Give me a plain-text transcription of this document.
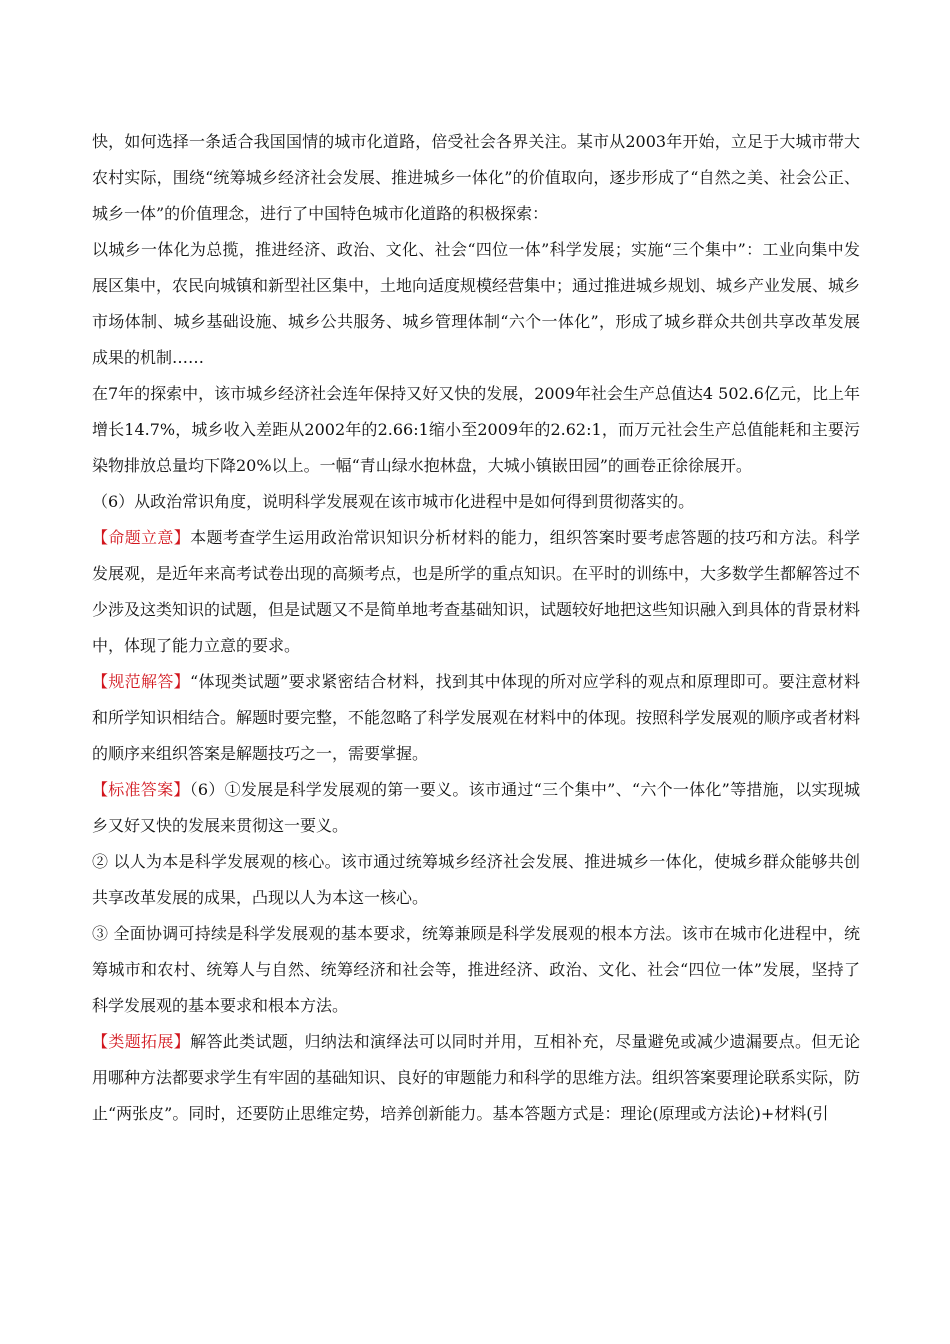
快，如何选择一条适合我国国情的城市化道路，倍受社会各界关注。某市从2003年开始，立足于大城市带大农村实际，围绕“统筹城乡经济社会发展、推进城乡一体化”的价值取向，逐步形成了“自然之美、社会公正、城乡一体”的价值理念，进行了中国特色城市化道路的积极探索：

以城乡一体化为总揽，推进经济、政治、文化、社会“四位一体”科学发展；实施“三个集中”：工业向集中发展区集中，农民向城镇和新型社区集中，土地向适度规模经营集中；通过推进城乡规划、城乡产业发展、城乡市场体制、城乡基础设施、城乡公共服务、城乡管理体制“六个一体化”，形成了城乡群众共创共享改革发展成果的机制……

在7年的探索中，该市城乡经济社会连年保持又好又快的发展，2009年社会生产总值达4 502.6亿元，比上年增长14.7%，城乡收入差距从2002年的2.66:1缩小至2009年的2.62:1，而万元社会生产总值能耗和主要污染物排放总量均下降20%以上。一幅“青山绿水抱林盘，大城小镇嵌田园”的画卷正徐徐展开。

（6）从政治常识角度，说明科学发展观在该市城市化进程中是如何得到贯彻落实的。

【命题立意】本题考查学生运用政治常识知识分析材料的能力，组织答案时要考虑答题的技巧和方法。科学发展观，是近年来高考试卷出现的高频考点，也是所学的重点知识。在平时的训练中，大多数学生都解答过不少涉及这类知识的试题，但是试题又不是简单地考查基础知识，试题较好地把这些知识融入到具体的背景材料中，体现了能力立意的要求。

【规范解答】“体现类试题”要求紧密结合材料，找到其中体现的所对应学科的观点和原理即可。要注意材料和所学知识相结合。解题时要完整，不能忽略了科学发展观在材料中的体现。按照科学发展观的顺序或者材料的顺序来组织答案是解题技巧之一，需要掌握。

【标准答案】（6）①发展是科学发展观的第一要义。该市通过“三个集中”、“六个一体化”等措施，以实现城乡又好又快的发展来贯彻这一要义。

② 以人为本是科学发展观的核心。该市通过统筹城乡经济社会发展、推进城乡一体化，使城乡群众能够共创共享改革发展的成果，凸现以人为本这一核心。

③ 全面协调可持续是科学发展观的基本要求，统筹兼顾是科学发展观的根本方法。该市在城市化进程中，统筹城市和农村、统筹人与自然、统筹经济和社会等，推进经济、政治、文化、社会“四位一体”发展，坚持了科学发展观的基本要求和根本方法。

【类题拓展】解答此类试题，归纳法和演绎法可以同时并用，互相补充，尽量避免或减少遗漏要点。但无论用哪种方法都要求学生有牢固的基础知识、良好的审题能力和科学的思维方法。组织答案要理论联系实际，防止“两张皮”。同时，还要防止思维定势，培养创新能力。基本答题方式是：理论(原理或方法论)+材料(引
